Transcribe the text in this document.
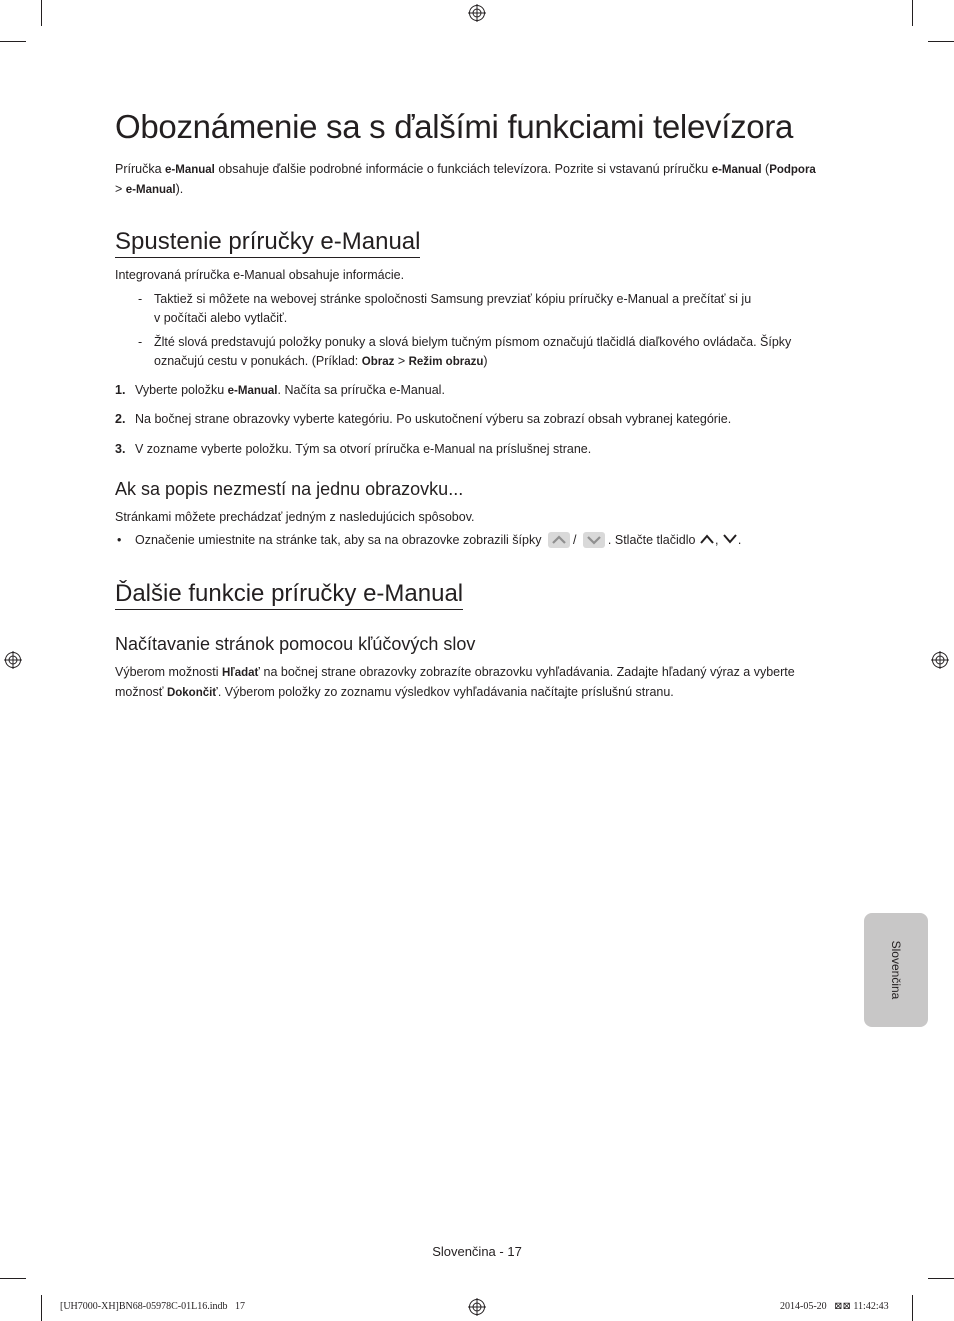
Oboznámenie sa s ďalšími funkciami televízora
Príručka e-Manual obsahuje ďalšie podrobné informácie o funkciách televízora. Pozrite si vstavanú príručku e-Manual (Podpora
> e-Manual).
Spustenie príručky e-Manual
Integrovaná príručka e-Manual obsahuje informácie.
- Taktiež si môžete na webovej stránke spoločnosti Samsung prevziať kópiu príručky e-Manual a prečítať si ju
v počítači alebo vytlačiť.
- Žlté slová predstavujú položky ponuky a slová bielym tučným písmom označujú tlačidlá diaľkového ovládača. Šípky
označujú cestu v ponukách. (Príklad: Obraz > Režim obrazu)
1. Vyberte položku e-Manual. Načíta sa príručka e-Manual.
2. Na bočnej strane obrazovky vyberte kategóriu. Po uskutočnení výberu sa zobrazí obsah vybranej kategórie.
3. V zozname vyberte položku. Tým sa otvorí príručka e-Manual na príslušnej strane.
Ak sa popis nezmestí na jednu obrazovku...
Stránkami môžete prechádzať jedným z nasledujúcich spôsobov.
• Označenie umiestnite na stránke tak, aby sa na obrazovke zobrazili šípky	/	. Stlačte tlačidlo , .
Ďalšie funkcie príručky e-Manual
Načítavanie stránok pomocou kľúčových slov
Výberom možnosti Hľadať na bočnej strane obrazovky zobrazíte obrazovku vyhľadávania. Zadajte hľadaný výraz a vyberte
možnosť Dokončiť. Výberom položky zo zoznamu výsledkov vyhľadávania načítajte príslušnú stranu.
Slovenčina
Slovenčina - 17
[UH7000-XH]BN68-05978C-01L16.indb   17	2014-05-20   ⊠⊠ 11:42:43
